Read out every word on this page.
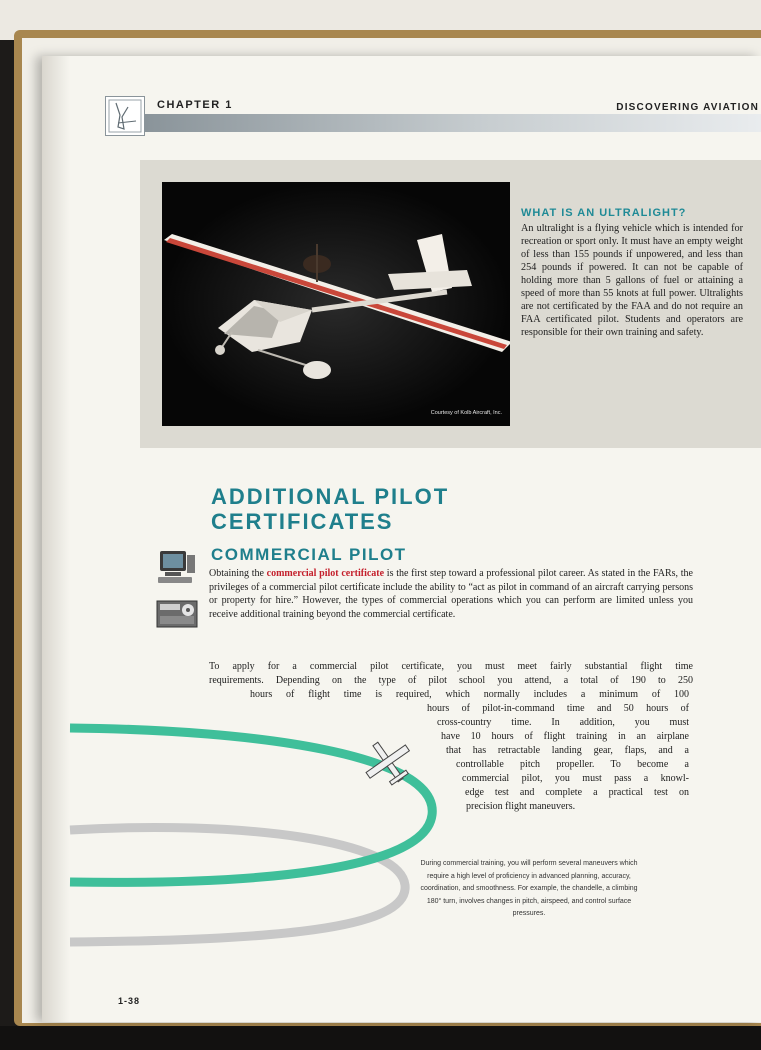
CHAPTER 1	DISCOVERING AVIATION
Courtesy of Kolb Aircraft, Inc.
WHAT IS AN ULTRALIGHT?
An ultralight is a flying vehicle which is intended for recreation or sport only. It must have an empty weight of less than 155 pounds if unpowered, and less than 254 pounds if powered. It can not be capable of holding more than 5 gallons of fuel or attaining a speed of more than 55 knots at full power. Ultralights are not certificated by the FAA and do not require an FAA certificated pilot. Students and operators are responsible for their own training and safety.
ADDITIONAL PILOT
CERTIFICATES
COMMERCIAL PILOT
Obtaining the commercial pilot certificate is the first step toward a professional pilot career. As stated in the FARs, the privileges of a commercial pilot certificate include the ability to “act as pilot in command of an aircraft carrying persons or property for hire.” However, the types of commercial operations which you can perform are limited unless you receive additional training beyond the commercial certificate.
To apply for a commercial pilot certificate, you must meet fairly substantial flight time
requirements. Depending on the type of pilot school you attend, a total of 190 to 250
hours of flight time is required, which normally includes a minimum of 100
hours of pilot-in-command time and 50 hours of
cross-country time. In addition, you must
have 10 hours of flight training in an airplane
that has retractable landing gear, flaps, and a
controllable pitch propeller. To become a
commercial pilot, you must pass a knowl-
edge test and complete a practical test on
precision flight maneuvers.
During commercial training, you will perform several maneuvers which require a high level of proficiency in advanced planning, accuracy, coordination, and smoothness. For example, the chandelle, a climbing 180° turn, involves changes in pitch, airspeed, and control surface pressures.
1-38
